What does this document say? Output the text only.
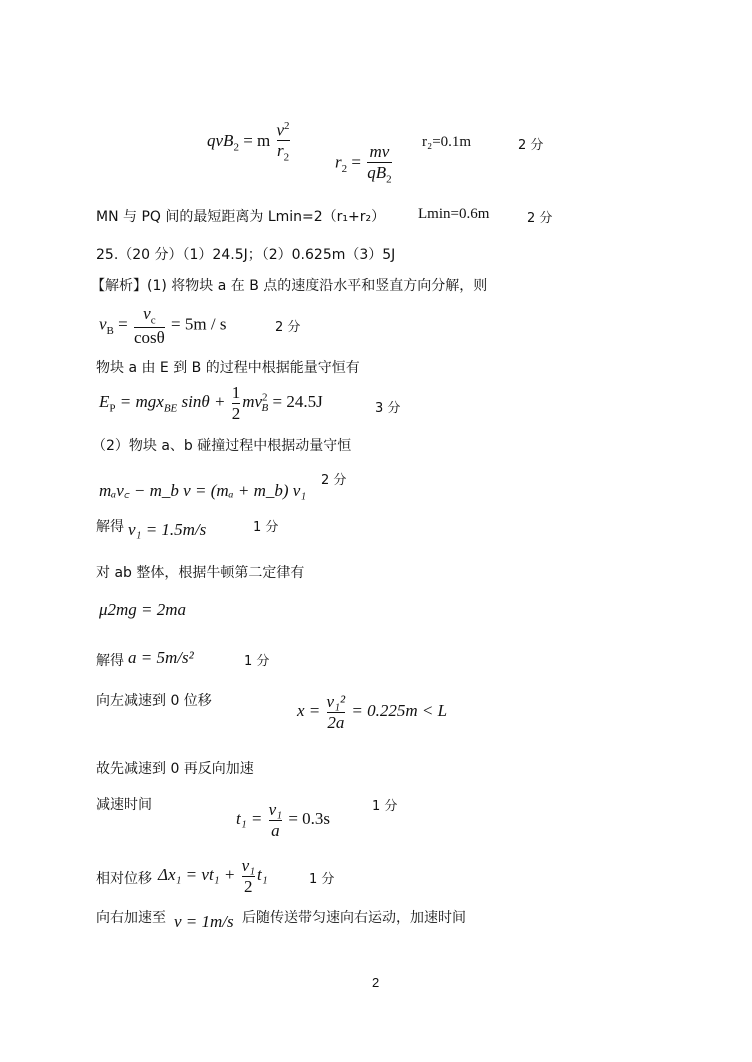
qvB$_2$ = m $\frac{v^2}{r_2}$	$r_2 = \frac{mv}{qB_2} r_2=0.1m$	2 分
MN 与 PQ 间的最短距离为 Lmin=2（r₁+r₂） Lmin=0.6m	2 分
25.（20 分）（1）24.5J；（2）0.625m（3）5J
【解析】(1) 将物块 a 在 B 点的速度沿水平和竖直方向分解，则
$v_B = \frac{v_c}{\cos\theta} = 5m / s$	2 分
物块 a 由 E 到 B 的过程中根据能量守恒有
$E_P = mgx_{BE}$ $\sin\theta + \frac{1}{2} mv^2_B = 24.5J$	3 分
（2）物块 a、b 碰撞过程中根据动量守恒
mₐv꜀ − m_b v = (mₐ + m_b) v₁
2 分
解得 v₁ = 1.5m/s	1 分
对 ab 整体，根据牛顿第二定律有
μ2mg = 2ma
解得 a = 5m/s²	1 分
向左减速到 0 位移	$x = \frac{\text{v₁²}}{2a} = 0.225m < L$
故先减速到 0 再反向加速
减速时间
$t_1 = \frac{\text{v₁}}{a} = 0.3s$
1 分
相对位移 $\Delta x_1 = vt_1 + \frac{\text{v₁}}{2} t_1$	1 分
向右加速至 v = 1m/s 后随传送带匀速向右运动，加速时间
2
